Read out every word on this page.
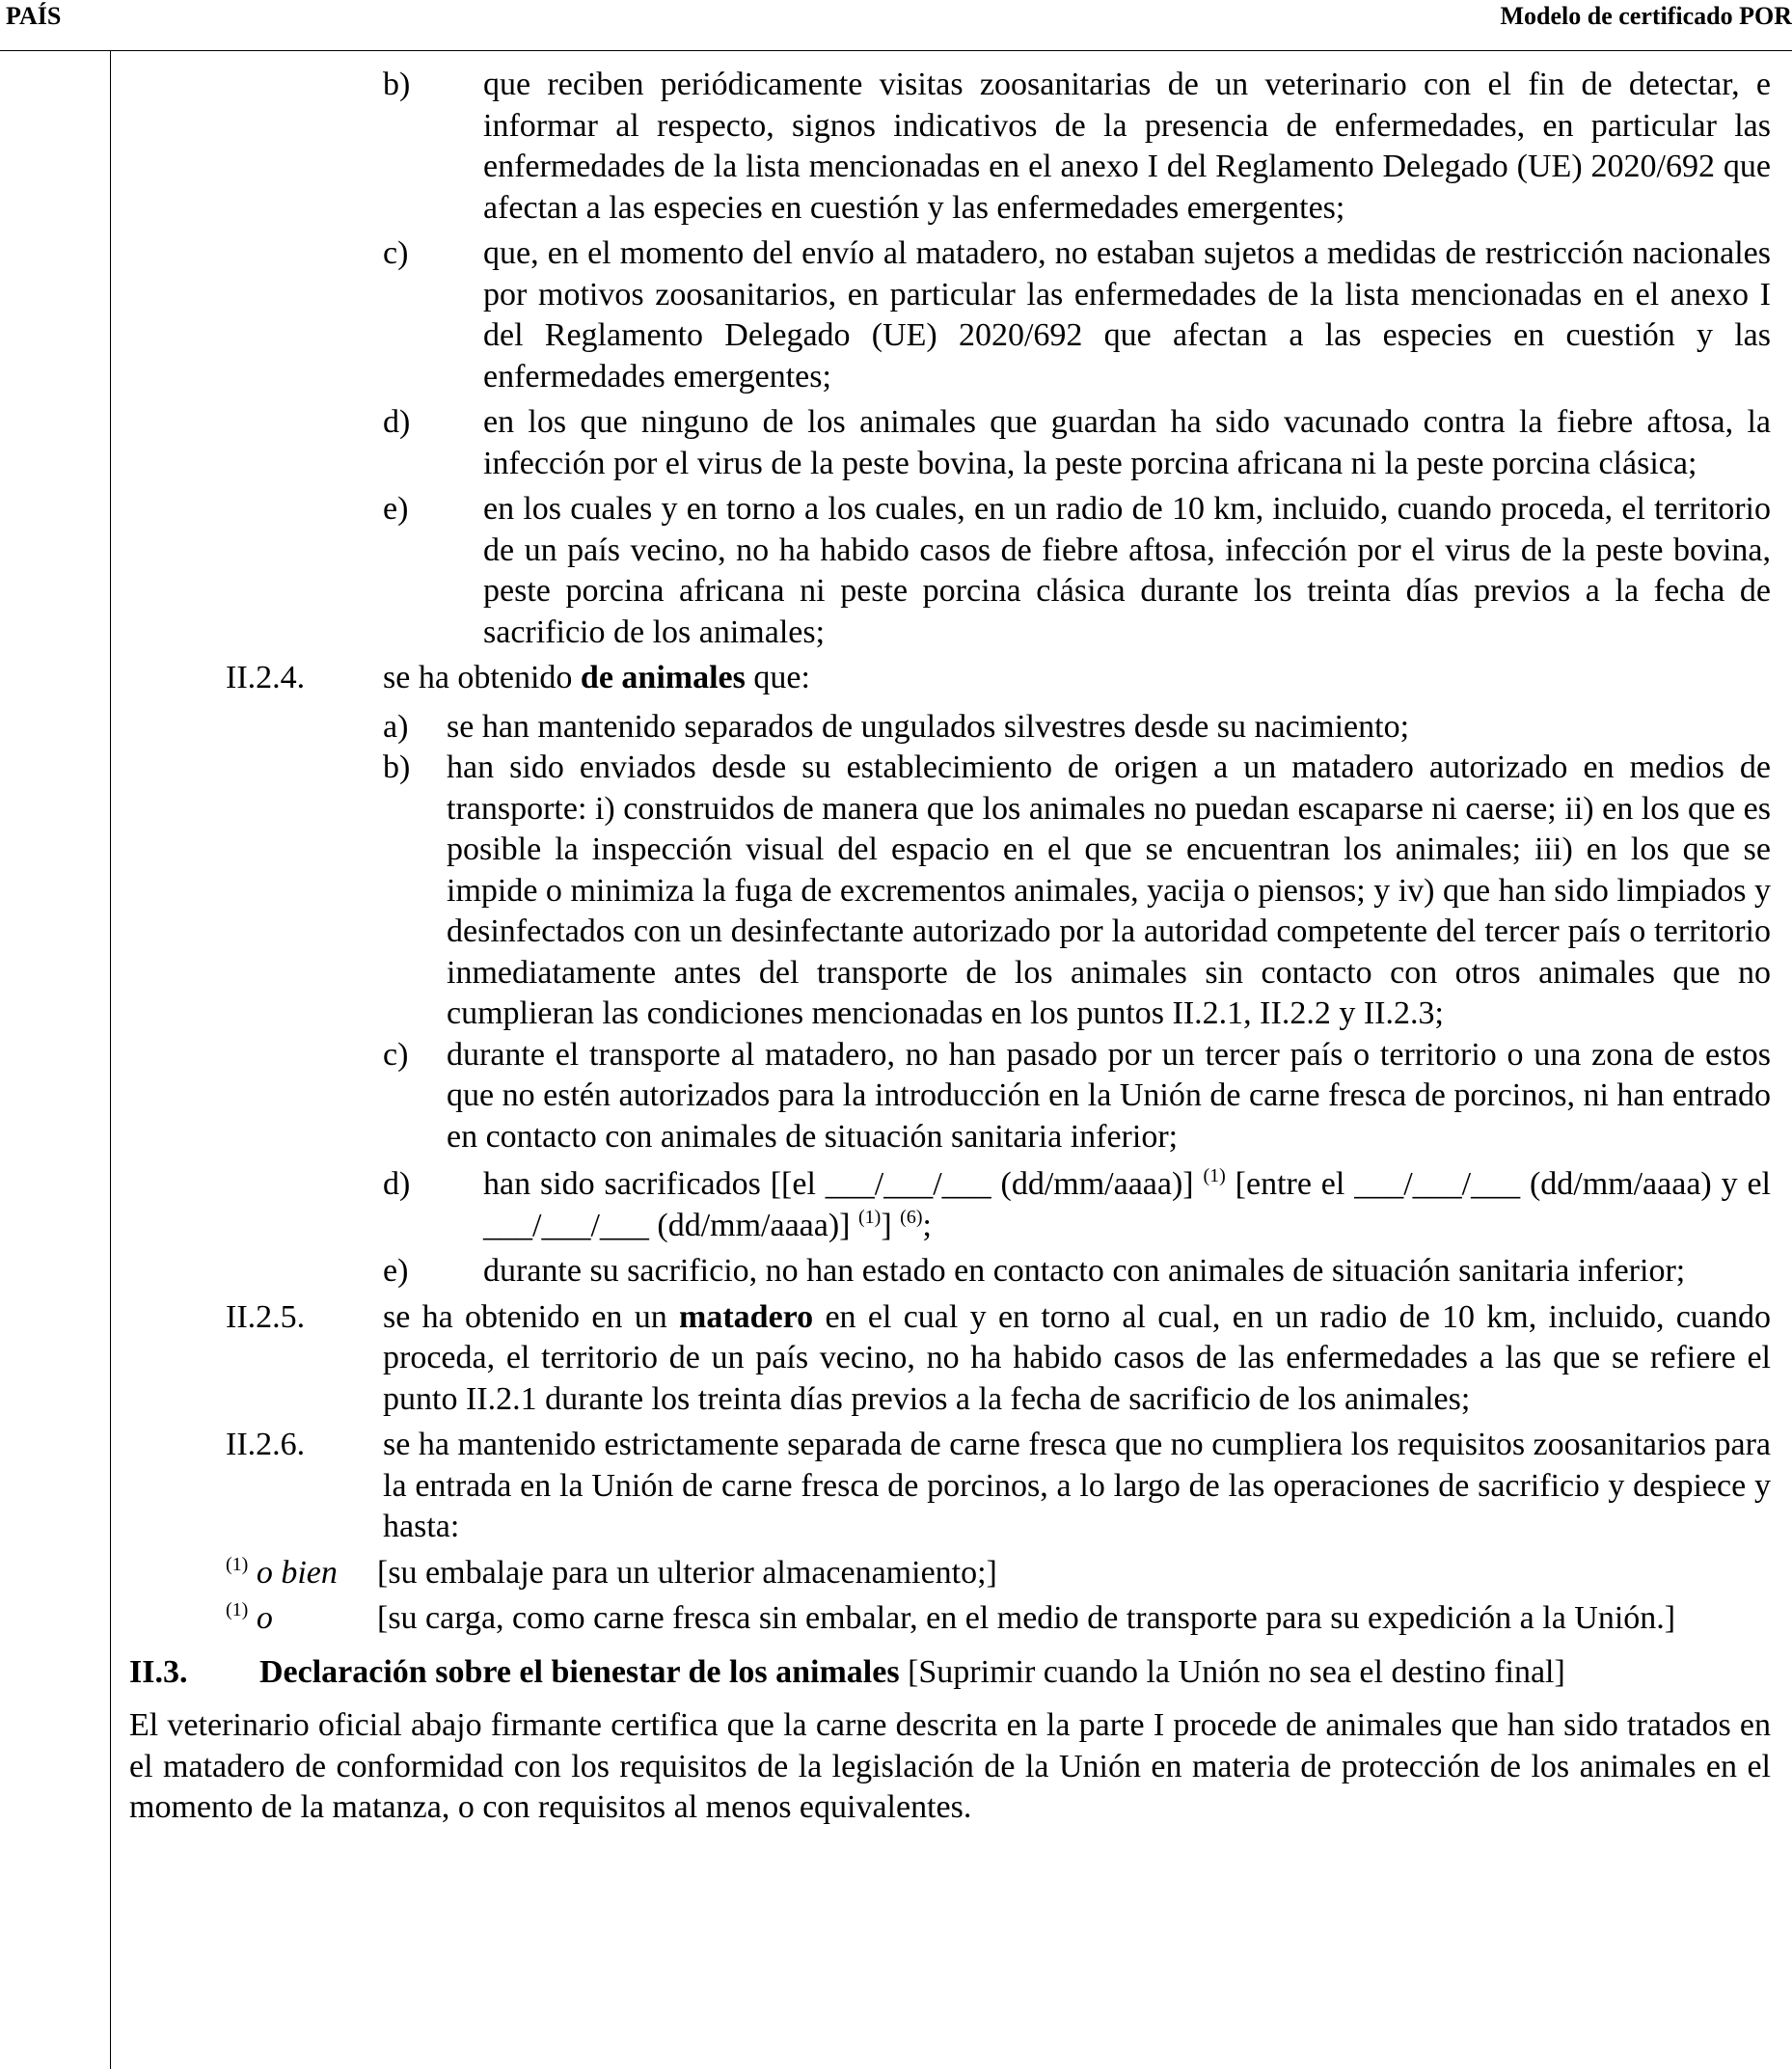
PAÍS	Modelo de certificado POR
b) que reciben periódicamente visitas zoosanitarias de un veterinario con el fin de detectar, e informar al respecto, signos indicativos de la presencia de enfermedades, en particular las enfermedades de la lista mencionadas en el anexo I del Reglamento Delegado (UE) 2020/692 que afectan a las especies en cuestión y las enfermedades emergentes;
c) que, en el momento del envío al matadero, no estaban sujetos a medidas de restricción nacionales por motivos zoosanitarios, en particular las enfermedades de la lista mencionadas en el anexo I del Reglamento Delegado (UE) 2020/692 que afectan a las especies en cuestión y las enfermedades emergentes;
d) en los que ninguno de los animales que guardan ha sido vacunado contra la fiebre aftosa, la infección por el virus de la peste bovina, la peste porcina africana ni la peste porcina clásica;
e) en los cuales y en torno a los cuales, en un radio de 10 km, incluido, cuando proceda, el territorio de un país vecino, no ha habido casos de fiebre aftosa, infección por el virus de la peste bovina, peste porcina africana ni peste porcina clásica durante los treinta días previos a la fecha de sacrificio de los animales;
II.2.4. se ha obtenido de animales que:
a) se han mantenido separados de ungulados silvestres desde su nacimiento;
b) han sido enviados desde su establecimiento de origen a un matadero autorizado en medios de transporte: i) construidos de manera que los animales no puedan escaparse ni caerse; ii) en los que es posible la inspección visual del espacio en el que se encuentran los animales; iii) en los que se impide o minimiza la fuga de excrementos animales, yacija o piensos; y iv) que han sido limpiados y desinfectados con un desinfectante autorizado por la autoridad competente del tercer país o territorio inmediatamente antes del transporte de los animales sin contacto con otros animales que no cumplieran las condiciones mencionadas en los puntos II.2.1, II.2.2 y II.2.3;
c) durante el transporte al matadero, no han pasado por un tercer país o territorio o una zona de estos que no estén autorizados para la introducción en la Unión de carne fresca de porcinos, ni han entrado en contacto con animales de situación sanitaria inferior;
d) han sido sacrificados [[el ___/___/___ (dd/mm/aaaa)] $^{(1)}$ [entre el ___/___/___ (dd/mm/aaaa) y el ___/___/___ (dd/mm/aaaa)] $^{(1)}$] $^{(6)}$;
e) durante su sacrificio, no han estado en contacto con animales de situación sanitaria inferior;
II.2.5. se ha obtenido en un matadero en el cual y en torno al cual, en un radio de 10 km, incluido, cuando proceda, el territorio de un país vecino, no ha habido casos de las enfermedades a las que se refiere el punto II.2.1 durante los treinta días previos a la fecha de sacrificio de los animales;
II.2.6. se ha mantenido estrictamente separada de carne fresca que no cumpliera los requisitos zoosanitarios para la entrada en la Unión de carne fresca de porcinos, a lo largo de las operaciones de sacrificio y despiece y hasta:
$^{(1)}$ o bien [su embalaje para un ulterior almacenamiento;]
$^{(1)}$ o	[su carga, como carne fresca sin embalar, en el medio de transporte para su expedición a la Unión.]
II.3. Declaración sobre el bienestar de los animales [Suprimir cuando la Unión no sea el destino final]
El veterinario oficial abajo firmante certifica que la carne descrita en la parte I procede de animales que han sido tratados en el matadero de conformidad con los requisitos de la legislación de la Unión en materia de protección de los animales en el momento de la matanza, o con requisitos al menos equivalentes.
